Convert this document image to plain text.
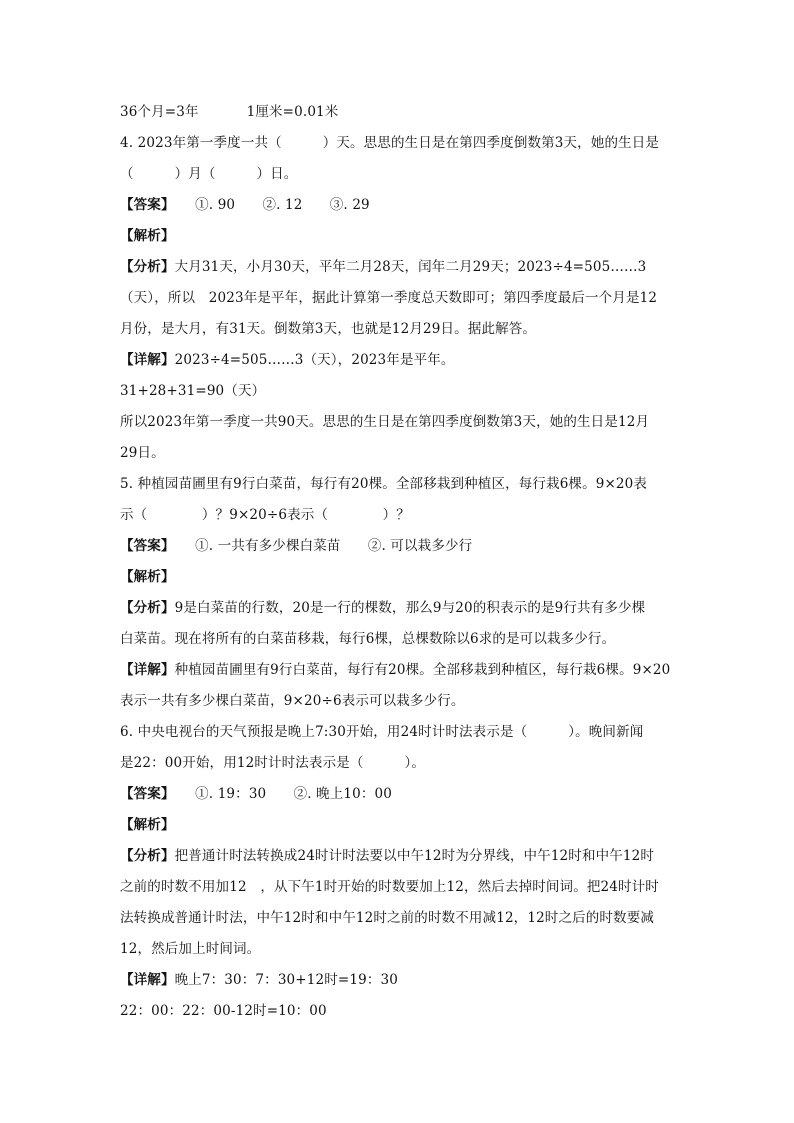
36个月=3年	1厘米=0.01米
4. 2023年第一季度一共（　　　）天。思思的生日是在第四季度倒数第3天，她的生日是
（　　　）月（　　　）日。
【答案】　　①. 90　　②. 12　　③. 29
【解析】
【分析】大月31天，小月30天，平年二月28天，闰年二月29天；2023÷4=505……3
（天），所以　2023年是平年，据此计算第一季度总天数即可；第四季度最后一个月是12
月份，是大月，有31天。倒数第3天，也就是12月29日。据此解答。
【详解】2023÷4=505……3（天），2023年是平年。
31+28+31=90（天）
所以2023年第一季度一共90天。思思的生日是在第四季度倒数第3天，她的生日是12月
29日。
5. 种植园苗圃里有9行白菜苗，每行有20棵。全部移栽到种植区，每行栽6棵。9×20表
示（　　　　）？9×20÷6表示（　　　　）？
【答案】　　①. 一共有多少棵白菜苗　　②. 可以栽多少行
【解析】
【分析】9是白菜苗的行数，20是一行的棵数，那么9与20的积表示的是9行共有多少棵
白菜苗。现在将所有的白菜苗移栽，每行6棵，总棵数除以6求的是可以栽多少行。
【详解】种植园苗圃里有9行白菜苗，每行有20棵。全部移栽到种植区，每行栽6棵。9×20
表示一共有多少棵白菜苗，9×20÷6表示可以栽多少行。
6. 中央电视台的天气预报是晚上7:30开始，用24时计时法表示是（　　　）。晚间新闻
是22：00开始，用12时计时法表示是（　　　）。
【答案】　　①. 19：30　　②. 晚上10：00
【解析】
【分析】把普通计时法转换成24时计时法要以中午12时为分界线，中午12时和中午12时
之前的时数不用加12　，从下午1时开始的时数要加上12，然后去掉时间词。把24时计时
法转换成普通计时法，中午12时和中午12时之前的时数不用减12，12时之后的时数要减
12，然后加上时间词。
【详解】晚上7：30：7：30+12时=19：30
22：00：22：00-12时=10：00
